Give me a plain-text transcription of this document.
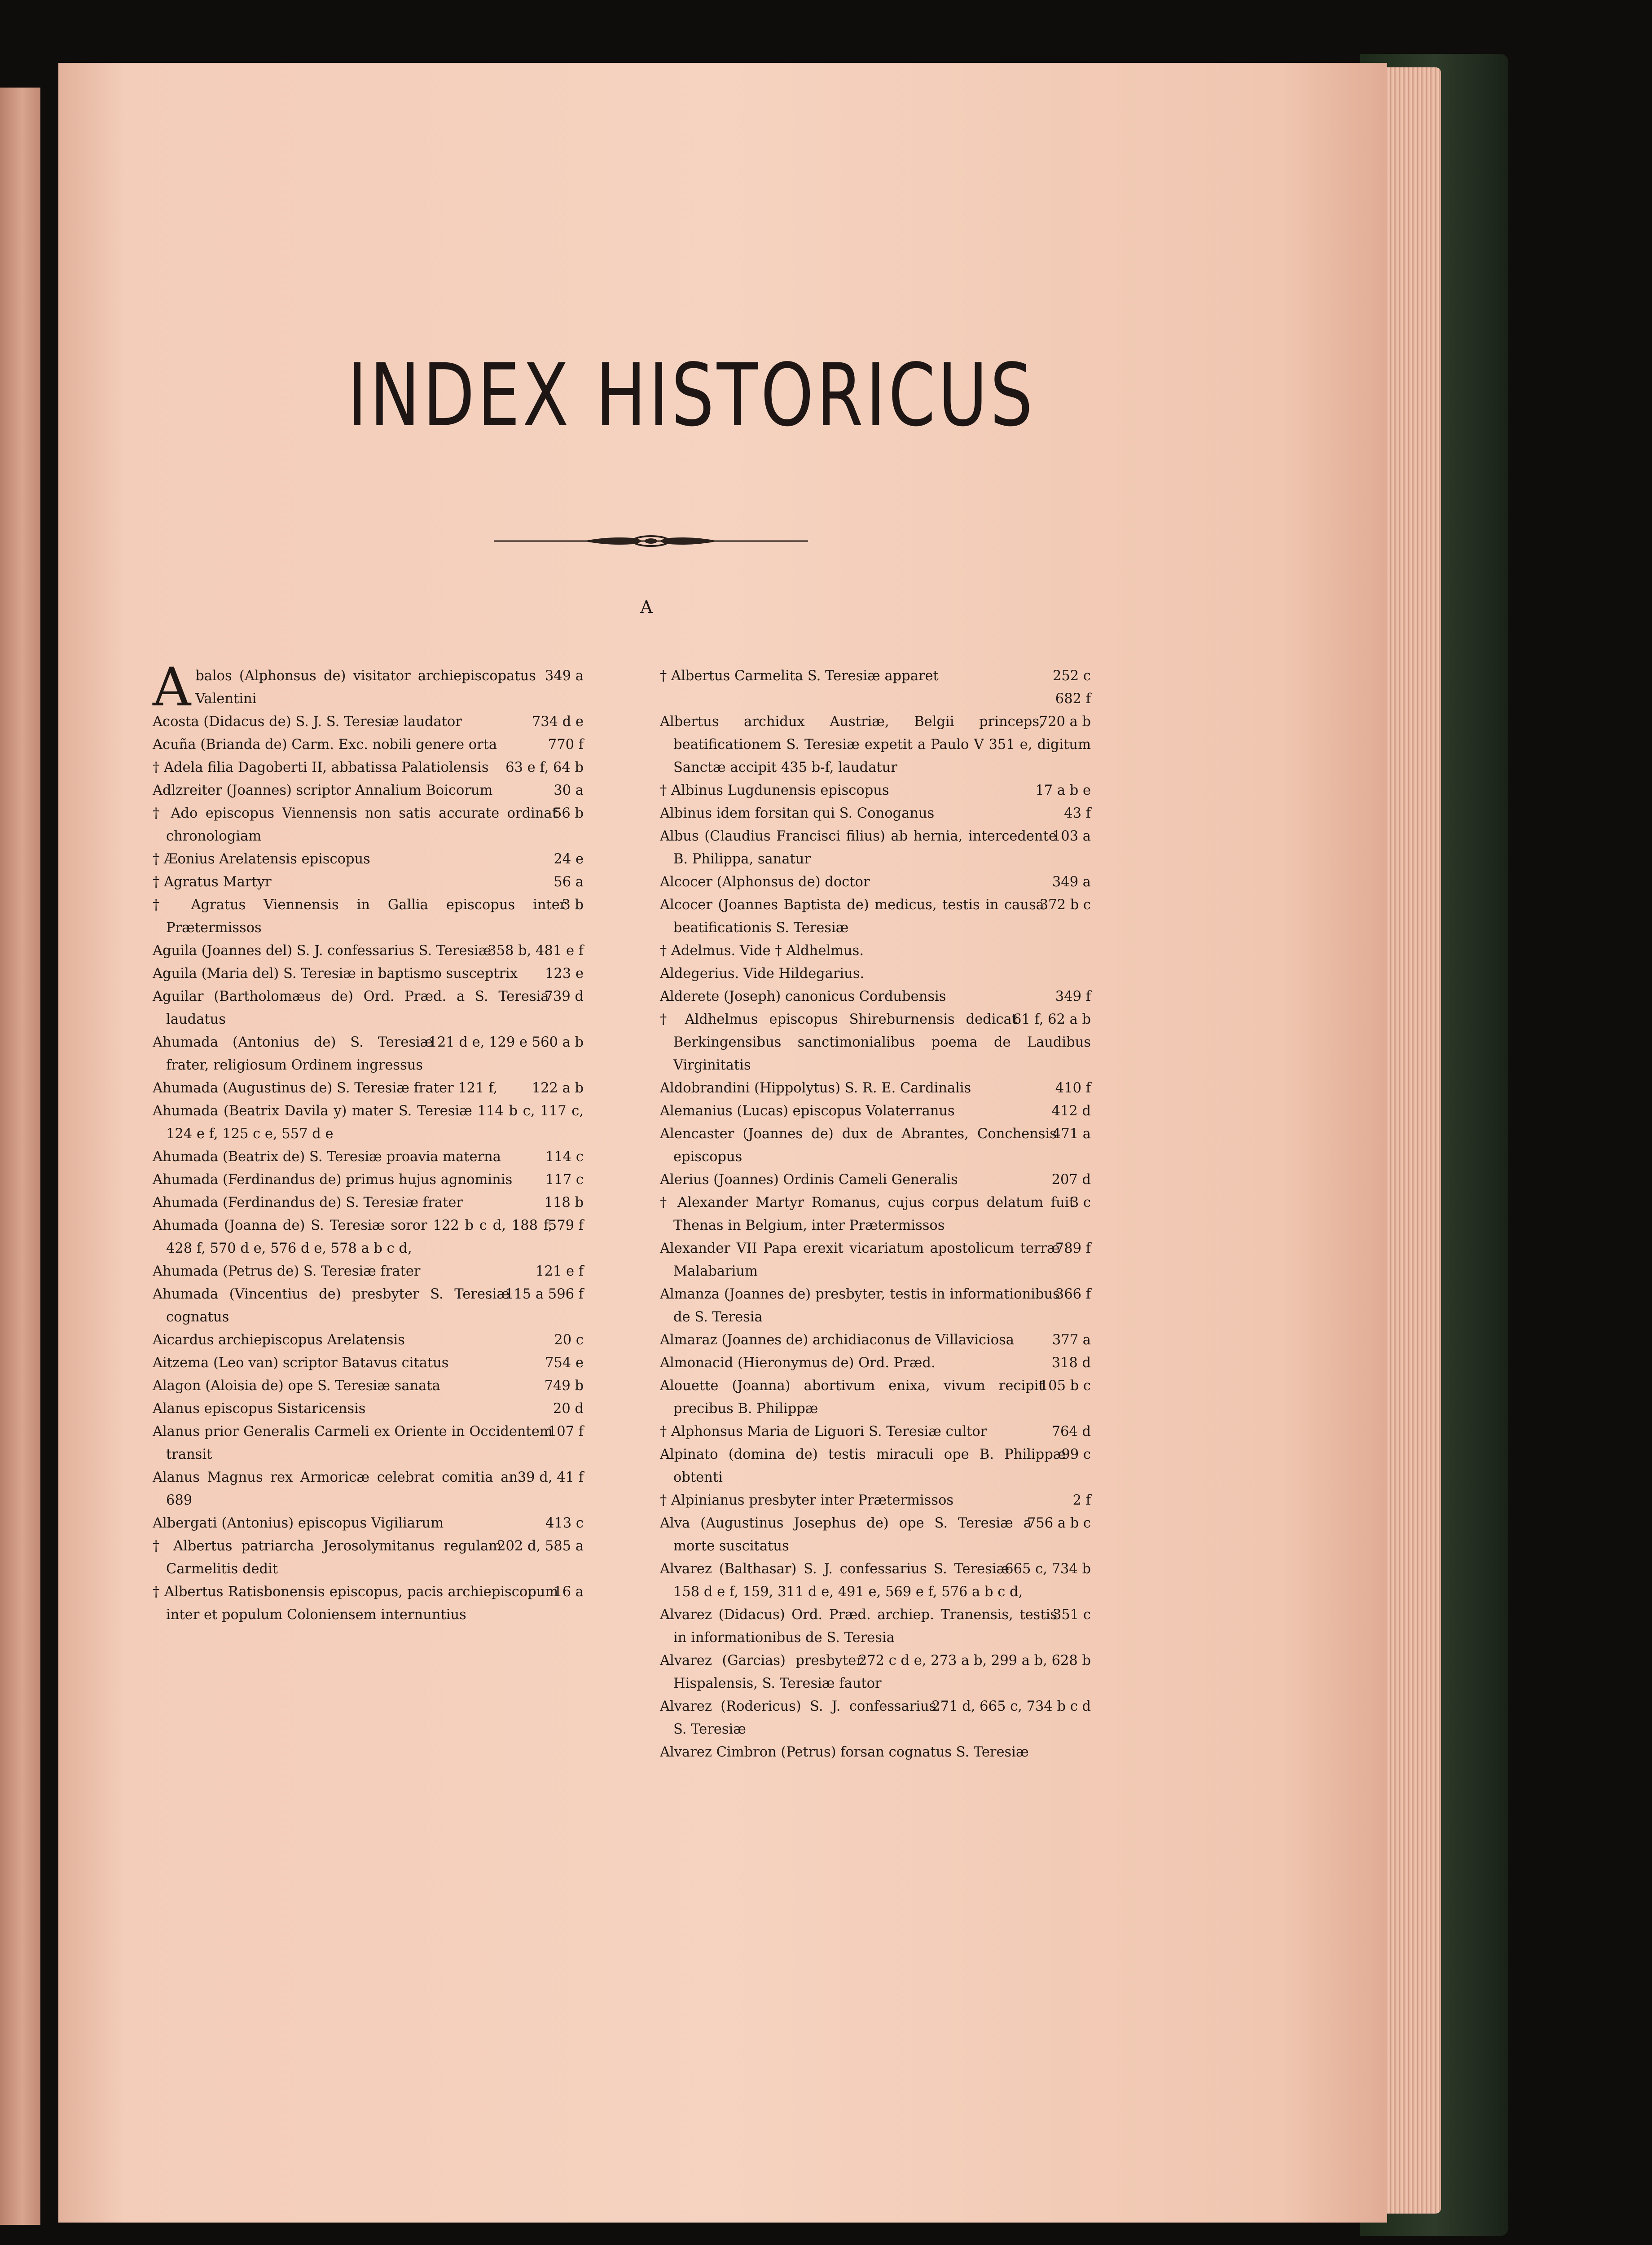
INDEX HISTORICUS
A
A	349 a
balos (Alphonsus de) visitator archiepiscopatus Valentini
734 d e
Acosta (Didacus de) S. J. S. Teresiæ laudator
770 f
Acuña (Brianda de) Carm. Exc. nobili genere orta
63 e f, 64 b
† Adela filia Dagoberti II, abbatissa Palatiolensis
30 a
Adlzreiter (Joannes) scriptor Annalium Boicorum
56 b
† Ado episcopus Viennensis non satis accurate ordinat chronologiam
24 e
† Æonius Arelatensis episcopus
56 a
† Agratus Martyr
3 b
† Agratus Viennensis in Gallia episcopus inter Prætermissos
358 b, 481 e f
Aguila (Joannes del) S. J. confessarius S. Teresiæ
123 e
Aguila (Maria del) S. Teresiæ in baptismo susceptrix
739 d
Aguilar (Bartholomæus de) Ord. Præd. a S. Teresia laudatus
121 d e, 129 e 560 a b
Ahumada (Antonius de) S. Teresiæ frater, religiosum Ordinem ingressus
122 a b
Ahumada (Augustinus de) S. Teresiæ frater 121 f,
Ahumada (Beatrix Davila y) mater S. Teresiæ 114 b c, 117 c, 124 e f, 125 c e, 557 d e
114 c
Ahumada (Beatrix de) S. Teresiæ proavia materna
117 c
Ahumada (Ferdinandus de) primus hujus agnominis
118 b
Ahumada (Ferdinandus de) S. Teresiæ frater
579 f
Ahumada (Joanna de) S. Teresiæ soror 122 b c d, 188 f, 428 f, 570 d e, 576 d e, 578 a b c d,
121 e f
Ahumada (Petrus de) S. Teresiæ frater
115 a 596 f
Ahumada (Vincentius de) presbyter S. Teresiæ cognatus
20 c
Aicardus archiepiscopus Arelatensis
754 e
Aitzema (Leo van) scriptor Batavus citatus
749 b
Alagon (Aloisia de) ope S. Teresiæ sanata
20 d
Alanus episcopus Sistaricensis
107 f
Alanus prior Generalis Carmeli ex Oriente in Occidentem transit
39 d, 41 f
Alanus Magnus rex Armoricæ celebrat comitia an. 689
413 c
Albergati (Antonius) episcopus Vigiliarum
202 d, 585 a
† Albertus patriarcha Jerosolymitanus regulam Carmelitis dedit
16 a
† Albertus Ratisbonensis episcopus, pacis archiepiscopum inter et populum Coloniensem internuntius
252 c
† Albertus Carmelita S. Teresiæ apparet
682 f
720 a b
Albertus archidux Austriæ, Belgii princeps, beatificationem S. Teresiæ expetit a Paulo V 351 e, digitum Sanctæ accipit 435 b-f, laudatur
17 a b e
† Albinus Lugdunensis episcopus
43 f
Albinus idem forsitan qui S. Conoganus
103 a
Albus (Claudius Francisci filius) ab hernia, intercedente B. Philippa, sanatur
349 a
Alcocer (Alphonsus de) doctor
372 b c
Alcocer (Joannes Baptista de) medicus, testis in causa beatificationis S. Teresiæ
† Adelmus. Vide † Aldhelmus.
Aldegerius. Vide Hildegarius.
349 f
Alderete (Joseph) canonicus Cordubensis
61 f, 62 a b
† Aldhelmus episcopus Shireburnensis dedicat Berkingensibus sanctimonialibus poema de Laudibus Virginitatis
410 f
Aldobrandini (Hippolytus) S. R. E. Cardinalis
412 d
Alemanius (Lucas) episcopus Volaterranus
471 a
Alencaster (Joannes de) dux de Abrantes, Conchensis episcopus
207 d
Alerius (Joannes) Ordinis Cameli Generalis
3 c
† Alexander Martyr Romanus, cujus corpus delatum fuit Thenas in Belgium, inter Prætermissos
789 f
Alexander VII Papa erexit vicariatum apostolicum terræ Malabarium
366 f
Almanza (Joannes de) presbyter, testis in informationibus de S. Teresia
377 a
Almaraz (Joannes de) archidiaconus de Villaviciosa
318 d
Almonacid (Hieronymus de) Ord. Præd.
105 b c
Alouette (Joanna) abortivum enixa, vivum recipit precibus B. Philippæ
764 d
† Alphonsus Maria de Liguori S. Teresiæ cultor
99 c
Alpinato (domina de) testis miraculi ope B. Philippæ obtenti
2 f
† Alpinianus presbyter inter Prætermissos
756 a b c
Alva (Augustinus Josephus de) ope S. Teresiæ a morte suscitatus
665 c, 734 b
Alvarez (Balthasar) S. J. confessarius S. Teresiæ 158 d e f, 159, 311 d e, 491 e, 569 e f, 576 a b c d,
351 c
Alvarez (Didacus) Ord. Præd. archiep. Tranensis, testis in informationibus de S. Teresia
272 c d e, 273 a b, 299 a b, 628 b
Alvarez (Garcias) presbyter Hispalensis, S. Teresiæ fautor
271 d, 665 c, 734 b c d
Alvarez (Rodericus) S. J. confessarius S. Teresiæ
Alvarez Cimbron (Petrus) forsan cognatus S. Teresiæ
